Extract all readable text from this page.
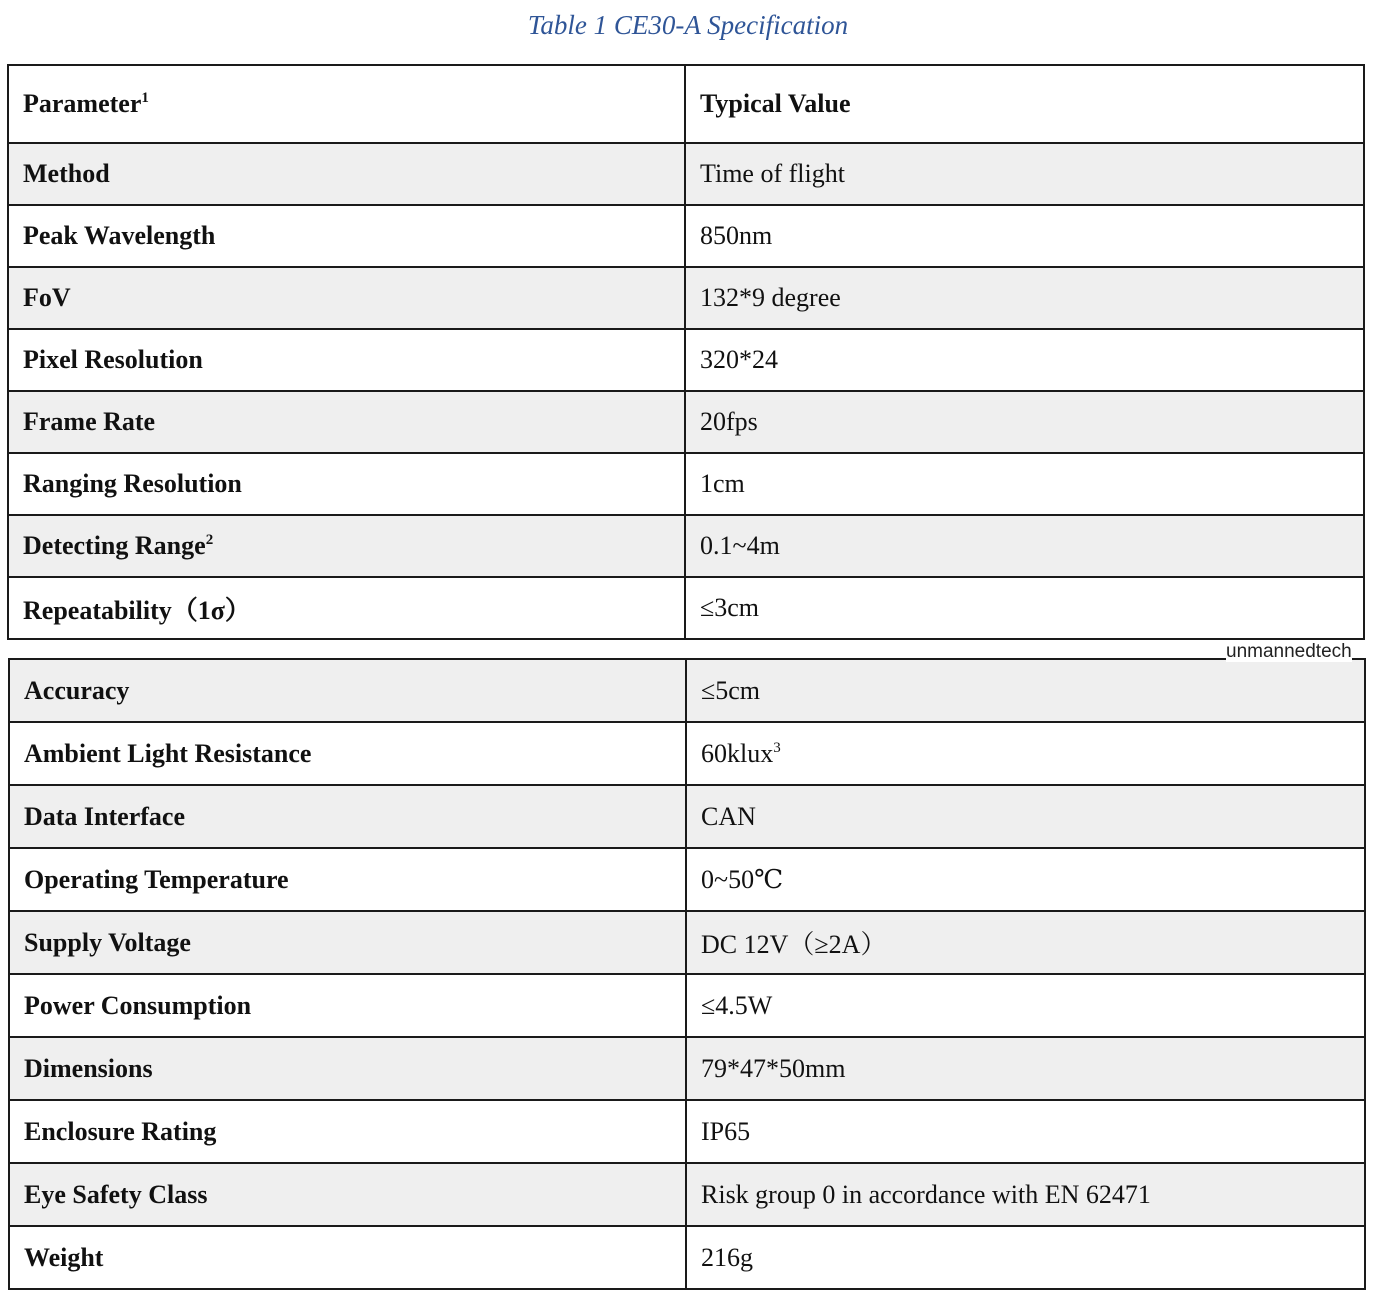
Table 1 CE30-A Specification
Parameter$^1$	Typical Value
Method	Time of flight
Peak Wavelength	850nm
FoV	132*9 degree
Pixel Resolution	320*24
Frame Rate	20fps
Ranging Resolution	1cm
Detecting Range$^2$	0.1~4m
Repeatability（1σ）	≤3cm
unmannedtech
Accuracy	≤5cm
Ambient Light Resistance	60klux$^3$
Data Interface	CAN
Operating Temperature	0~50℃
Supply Voltage	DC 12V（≥2A）
Power Consumption	≤4.5W
Dimensions	79*47*50mm
Enclosure Rating	IP65
Eye Safety Class	Risk group 0 in accordance with EN 62471
Weight	216g
